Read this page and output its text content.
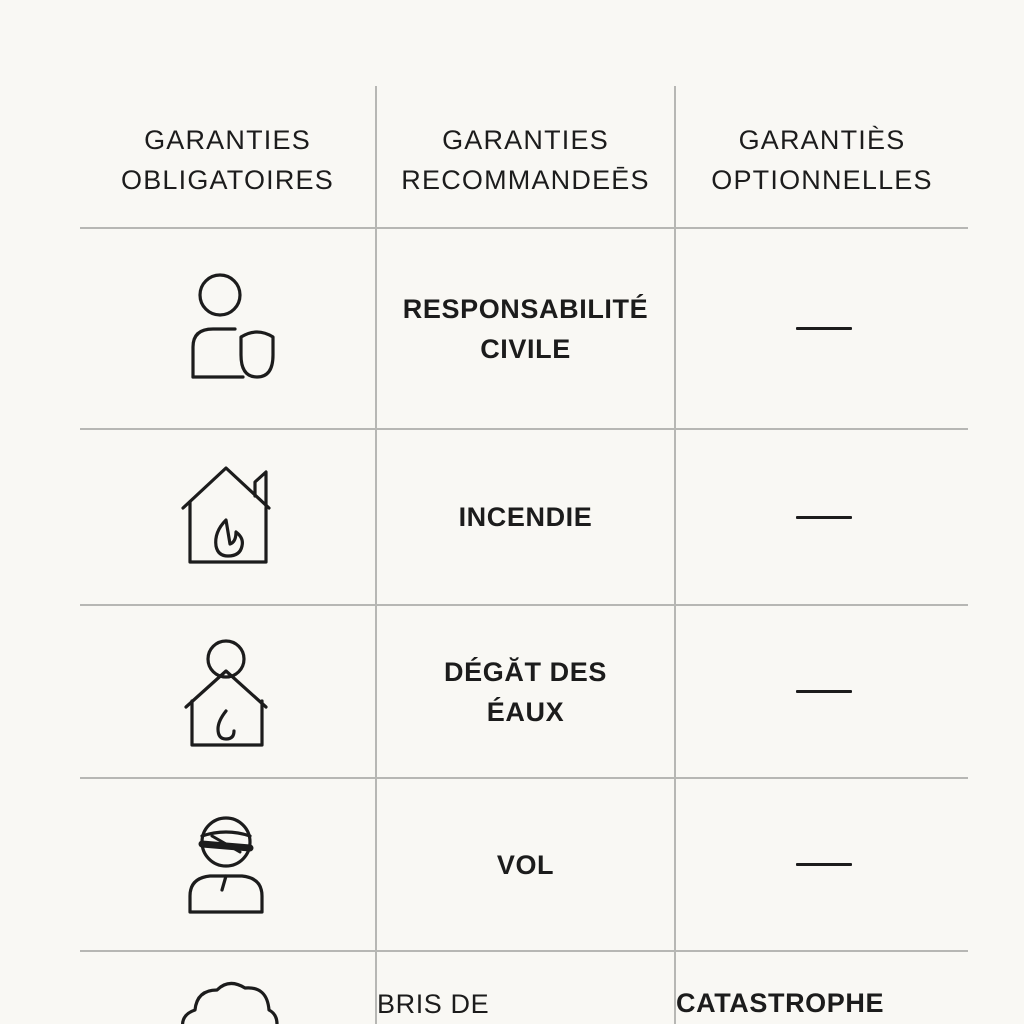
GARANTIES
OBLIGATOIRES
GARANTIES
RECOMMANDEĒS
GARANTIÈS
OPTIONNELLES
RESPONSABILITÉ
CIVILE
INCENDIE
DÉGĂT DES
ÉAUX
VOL
BRIS DE	CATASTROPHE
